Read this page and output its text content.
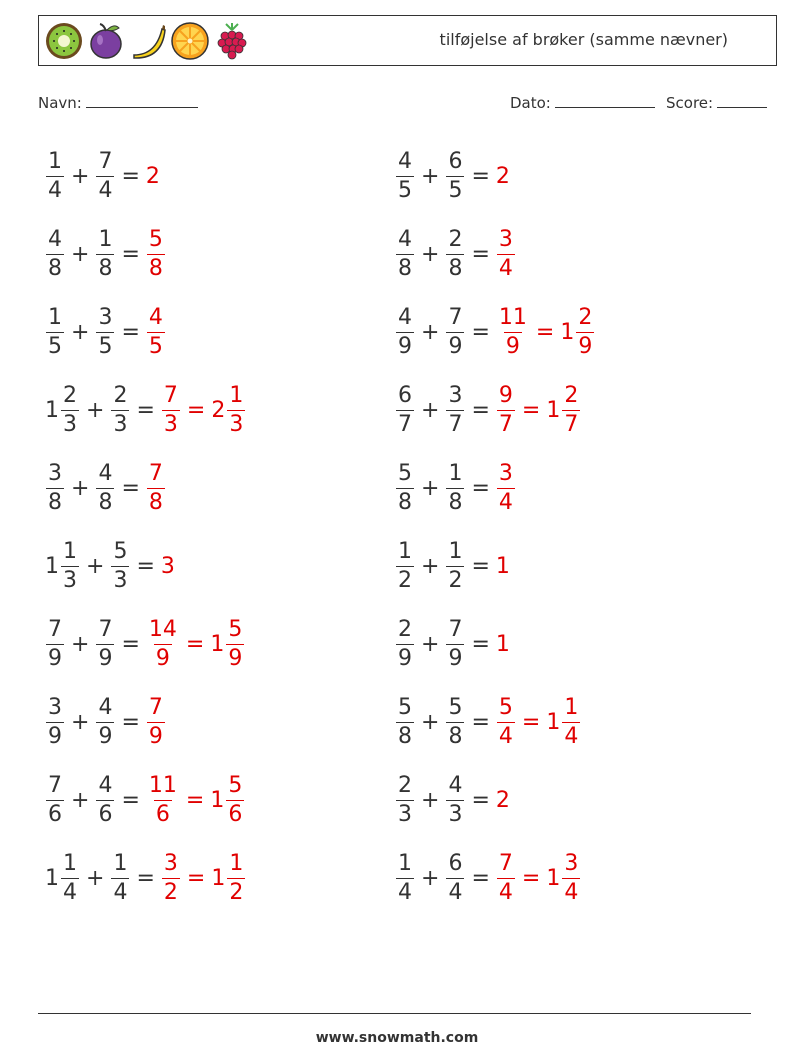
tilføjelse af brøker (samme nævner)
Navn:	Dato:	Score:
$\frac{1}{4} + \frac{7}{4} = 2$	$\frac{4}{5} + \frac{6}{5} = 2$
$\frac{4}{8} + \frac{1}{8} = \frac{5}{8}$	$\frac{4}{8} + \frac{2}{8} = \frac{3}{4}$
$\frac{1}{5} + \frac{3}{5} = \frac{4}{5}$	$\frac{4}{9} + \frac{7}{9} = \frac{11}{9} = 1 \frac{2}{9}$
$1 \frac{2}{3} + \frac{2}{3} = \frac{7}{3} = 2 \frac{1}{3}$	$\frac{6}{7} + \frac{3}{7} = \frac{9}{7} = 1 \frac{2}{7}$
$\frac{3}{8} + \frac{4}{8} = \frac{7}{8}$	$\frac{5}{8} + \frac{1}{8} = \frac{3}{4}$
$1 \frac{1}{3} + \frac{5}{3} = 3$	$\frac{1}{2} + \frac{1}{2} = 1$
$\frac{7}{9} + \frac{7}{9} = \frac{14}{9} = 1 \frac{5}{9}$	$\frac{2}{9} + \frac{7}{9} = 1$
$\frac{3}{9} + \frac{4}{9} = \frac{7}{9}$	$\frac{5}{8} + \frac{5}{8} = \frac{5}{4} = 1 \frac{1}{4}$
$\frac{7}{6} + \frac{4}{6} = \frac{11}{6} = 1 \frac{5}{6}$	$\frac{2}{3} + \frac{4}{3} = 2$
$1 \frac{1}{4} + \frac{1}{4} = \frac{3}{2} = 1 \frac{1}{2}$	$\frac{1}{4} + \frac{6}{4} = \frac{7}{4} = 1 \frac{3}{4}$
www.snowmath.com
